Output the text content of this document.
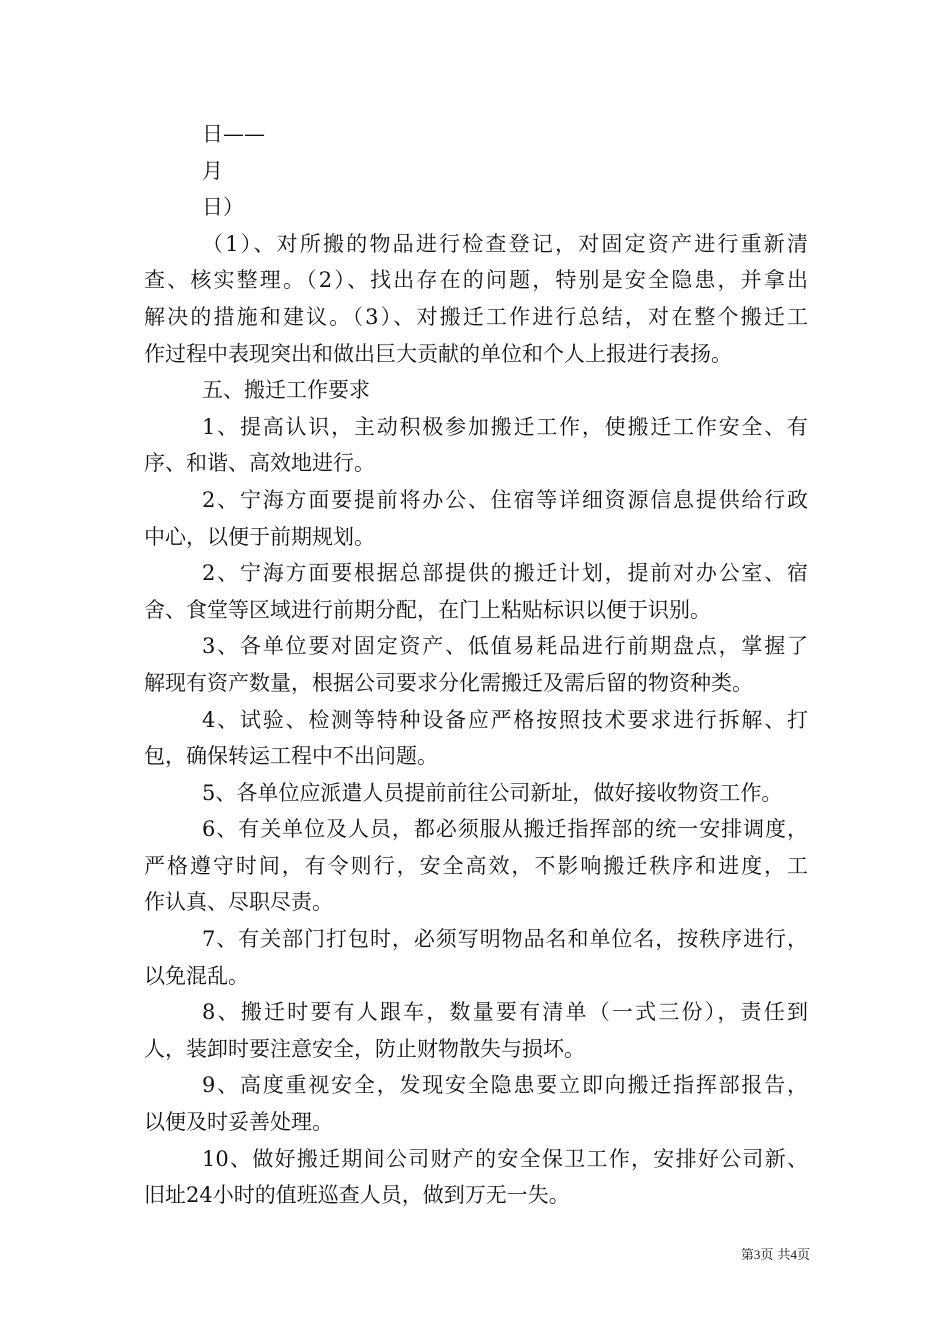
日——

月

日）

（1）、对所搬的物品进行检查登记，对固定资产进行重新清

查、核实整理。（2）、找出存在的问题，特别是安全隐患，并拿出

解决的措施和建议。（3）、对搬迁工作进行总结，对在整个搬迁工

作过程中表现突出和做出巨大贡献的单位和个人上报进行表扬。

五、搬迁工作要求

1、提高认识，主动积极参加搬迁工作，使搬迁工作安全、有

序、和谐、高效地进行。

2、宁海方面要提前将办公、住宿等详细资源信息提供给行政

中心，以便于前期规划。

2、宁海方面要根据总部提供的搬迁计划，提前对办公室、宿

舍、食堂等区域进行前期分配，在门上粘贴标识以便于识别。

3、各单位要对固定资产、低值易耗品进行前期盘点，掌握了

解现有资产数量，根据公司要求分化需搬迁及需后留的物资种类。

4、试验、检测等特种设备应严格按照技术要求进行拆解、打

包，确保转运工程中不出问题。

5、各单位应派遣人员提前前往公司新址，做好接收物资工作。

6、有关单位及人员，都必须服从搬迁指挥部的统一安排调度，

严格遵守时间，有令则行，安全高效，不影响搬迁秩序和进度，工

作认真、尽职尽责。

7、有关部门打包时，必须写明物品名和单位名，按秩序进行，

以免混乱。

8、搬迁时要有人跟车，数量要有清单（一式三份），责任到

人，装卸时要注意安全，防止财物散失与损坏。

9、高度重视安全，发现安全隐患要立即向搬迁指挥部报告，

以便及时妥善处理。

10、做好搬迁期间公司财产的安全保卫工作，安排好公司新、

旧址24小时的值班巡查人员，做到万无一失。

第3页 共4页
